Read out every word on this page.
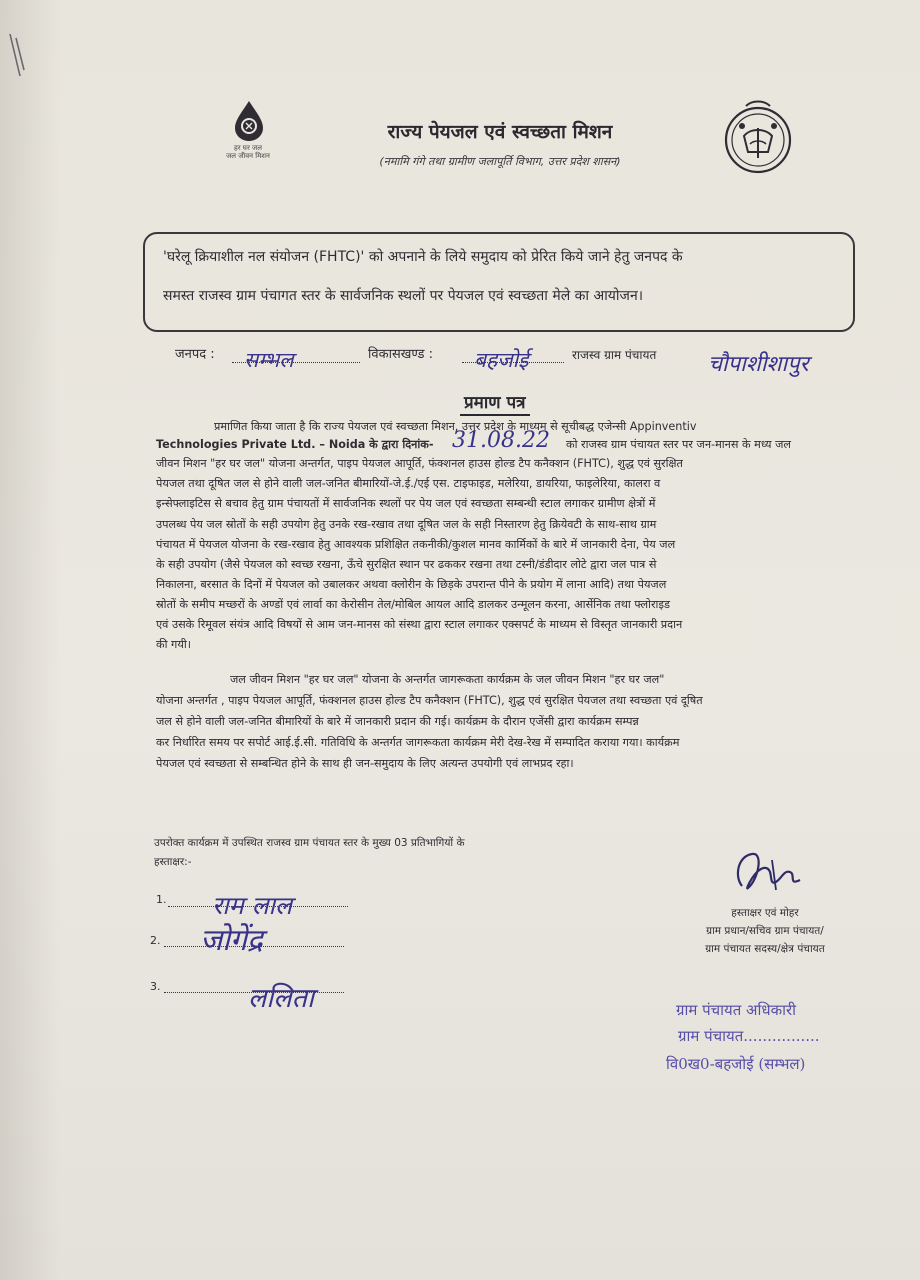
हर घर जल
जल जीवन मिशन
राज्य पेयजल एवं स्वच्छता मिशन
(नमामि गंगे तथा ग्रामीण जलापूर्ति विभाग, उत्तर प्रदेश शासन)
'घरेलू क्रियाशील नल संयोजन (FHTC)' को अपनाने के लिये समुदाय को प्रेरित किये जाने हेतु जनपद के
समस्त राजस्व ग्राम पंचागत स्तर के सार्वजनिक स्थलों पर पेयजल एवं स्वच्छता मेले का आयोजन।
जनपद : सम्भल	विकासखण्ड : बहजोई	राजस्व ग्राम पंचायत चौपाशीशापुर
प्रमाण पत्र
प्रमाणित किया जाता है कि राज्य पेयजल एवं स्वच्छता मिशन, उत्तर प्रदेश के माध्यम से सूचीबद्ध एजेन्सी Appinventiv
Technologies Private Ltd. – Noida के द्वारा दिनांक- 31.08.22 को राजस्व ग्राम पंचायत स्तर पर जन-मानस के मध्य जल
जीवन मिशन "हर घर जल" योजना अन्तर्गत, पाइप पेयजल आपूर्ति, फंक्शनल हाउस होल्ड टैप कनैक्शन (FHTC), शुद्ध एवं सुरक्षित
पेयजल तथा दूषित जल से होने वाली जल-जनित बीमारियों-जे.ई./एई एस. टाइफाइड, मलेरिया, डायरिया, फाइलेरिया, कालरा व
इन्सेफ्लाइटिस से बचाव हेतु ग्राम पंचायतों में सार्वजनिक स्थलों पर पेय जल एवं स्वच्छता सम्बन्धी स्टाल लगाकर ग्रामीण क्षेत्रों में
उपलब्ध पेय जल स्रोतों के सही उपयोग हेतु उनके रख-रखाव तथा दूषित जल के सही निस्तारण हेतु क्रियेवटी के साथ-साथ ग्राम
पंचायत में पेयजल योजना के रख-रखाव हेतु आवश्यक प्रशिक्षित तकनीकी/कुशल मानव कार्मिकों के बारे में जानकारी देना, पेय जल
के सही उपयोग (जैसे पेयजल को स्वच्छ रखना, ऊँचे सुरक्षित स्थान पर ढककर रखना तथा टस्नी/डंडीदार लोटे द्वारा जल पात्र से
निकालना, बरसात के दिनों में पेयजल को उबालकर अथवा क्लोरीन के छिड़के उपरान्त पीने के प्रयोग में लाना आदि) तथा पेयजल
स्रोतों के समीप मच्छरों के अण्डों एवं लार्वा का केरोसीन तेल/मोबिल आयल आदि डालकर उन्मूलन करना, आर्सेनिक तथा फ्लोराइड
एवं उसके रिमूवल संयंत्र आदि विषयों से आम जन-मानस को संस्था द्वारा स्टाल लगाकर एक्सपर्ट के माध्यम से विस्तृत जानकारी प्रदान
की गयी।
जल जीवन मिशन "हर घर जल" योजना के अन्तर्गत जागरूकता कार्यक्रम के जल जीवन मिशन "हर घर जल"
योजना अन्तर्गत , पाइप पेयजल आपूर्ति, फंक्शनल हाउस होल्ड टैप कनैक्शन (FHTC), शुद्ध एवं सुरक्षित पेयजल तथा स्वच्छता एवं दूषित
जल से होने वाली जल-जनित बीमारियों के बारे में जानकारी प्रदान की गई। कार्यक्रम के दौरान एजेंसी द्वारा कार्यक्रम सम्पन्न
कर निर्धारित समय पर सपोर्ट आई.ई.सी. गतिविधि के अन्तर्गत जागरूकता कार्यक्रम मेरी देख-रेख में सम्पादित कराया गया। कार्यक्रम
पेयजल एवं स्वच्छता से सम्बन्धित होने के साथ ही जन-समुदाय के लिए अत्यन्त उपयोगी एवं लाभप्रद रहा।
उपरोक्त कार्यक्रम में उपस्थित राजस्व ग्राम पंचायत स्तर के मुख्य 03 प्रतिभागियों के
हस्ताक्षर:-
1. राम लाल
2. जोगेंद्र
3.	ललिता
हस्ताक्षर एवं मोहर
ग्राम प्रधान/सचिव ग्राम पंचायत/
ग्राम पंचायत सदस्य/क्षेत्र पंचायत
ग्राम पंचायत अधिकारी
ग्राम पंचायत................
वि0ख0-बहजोई (सम्भल)
